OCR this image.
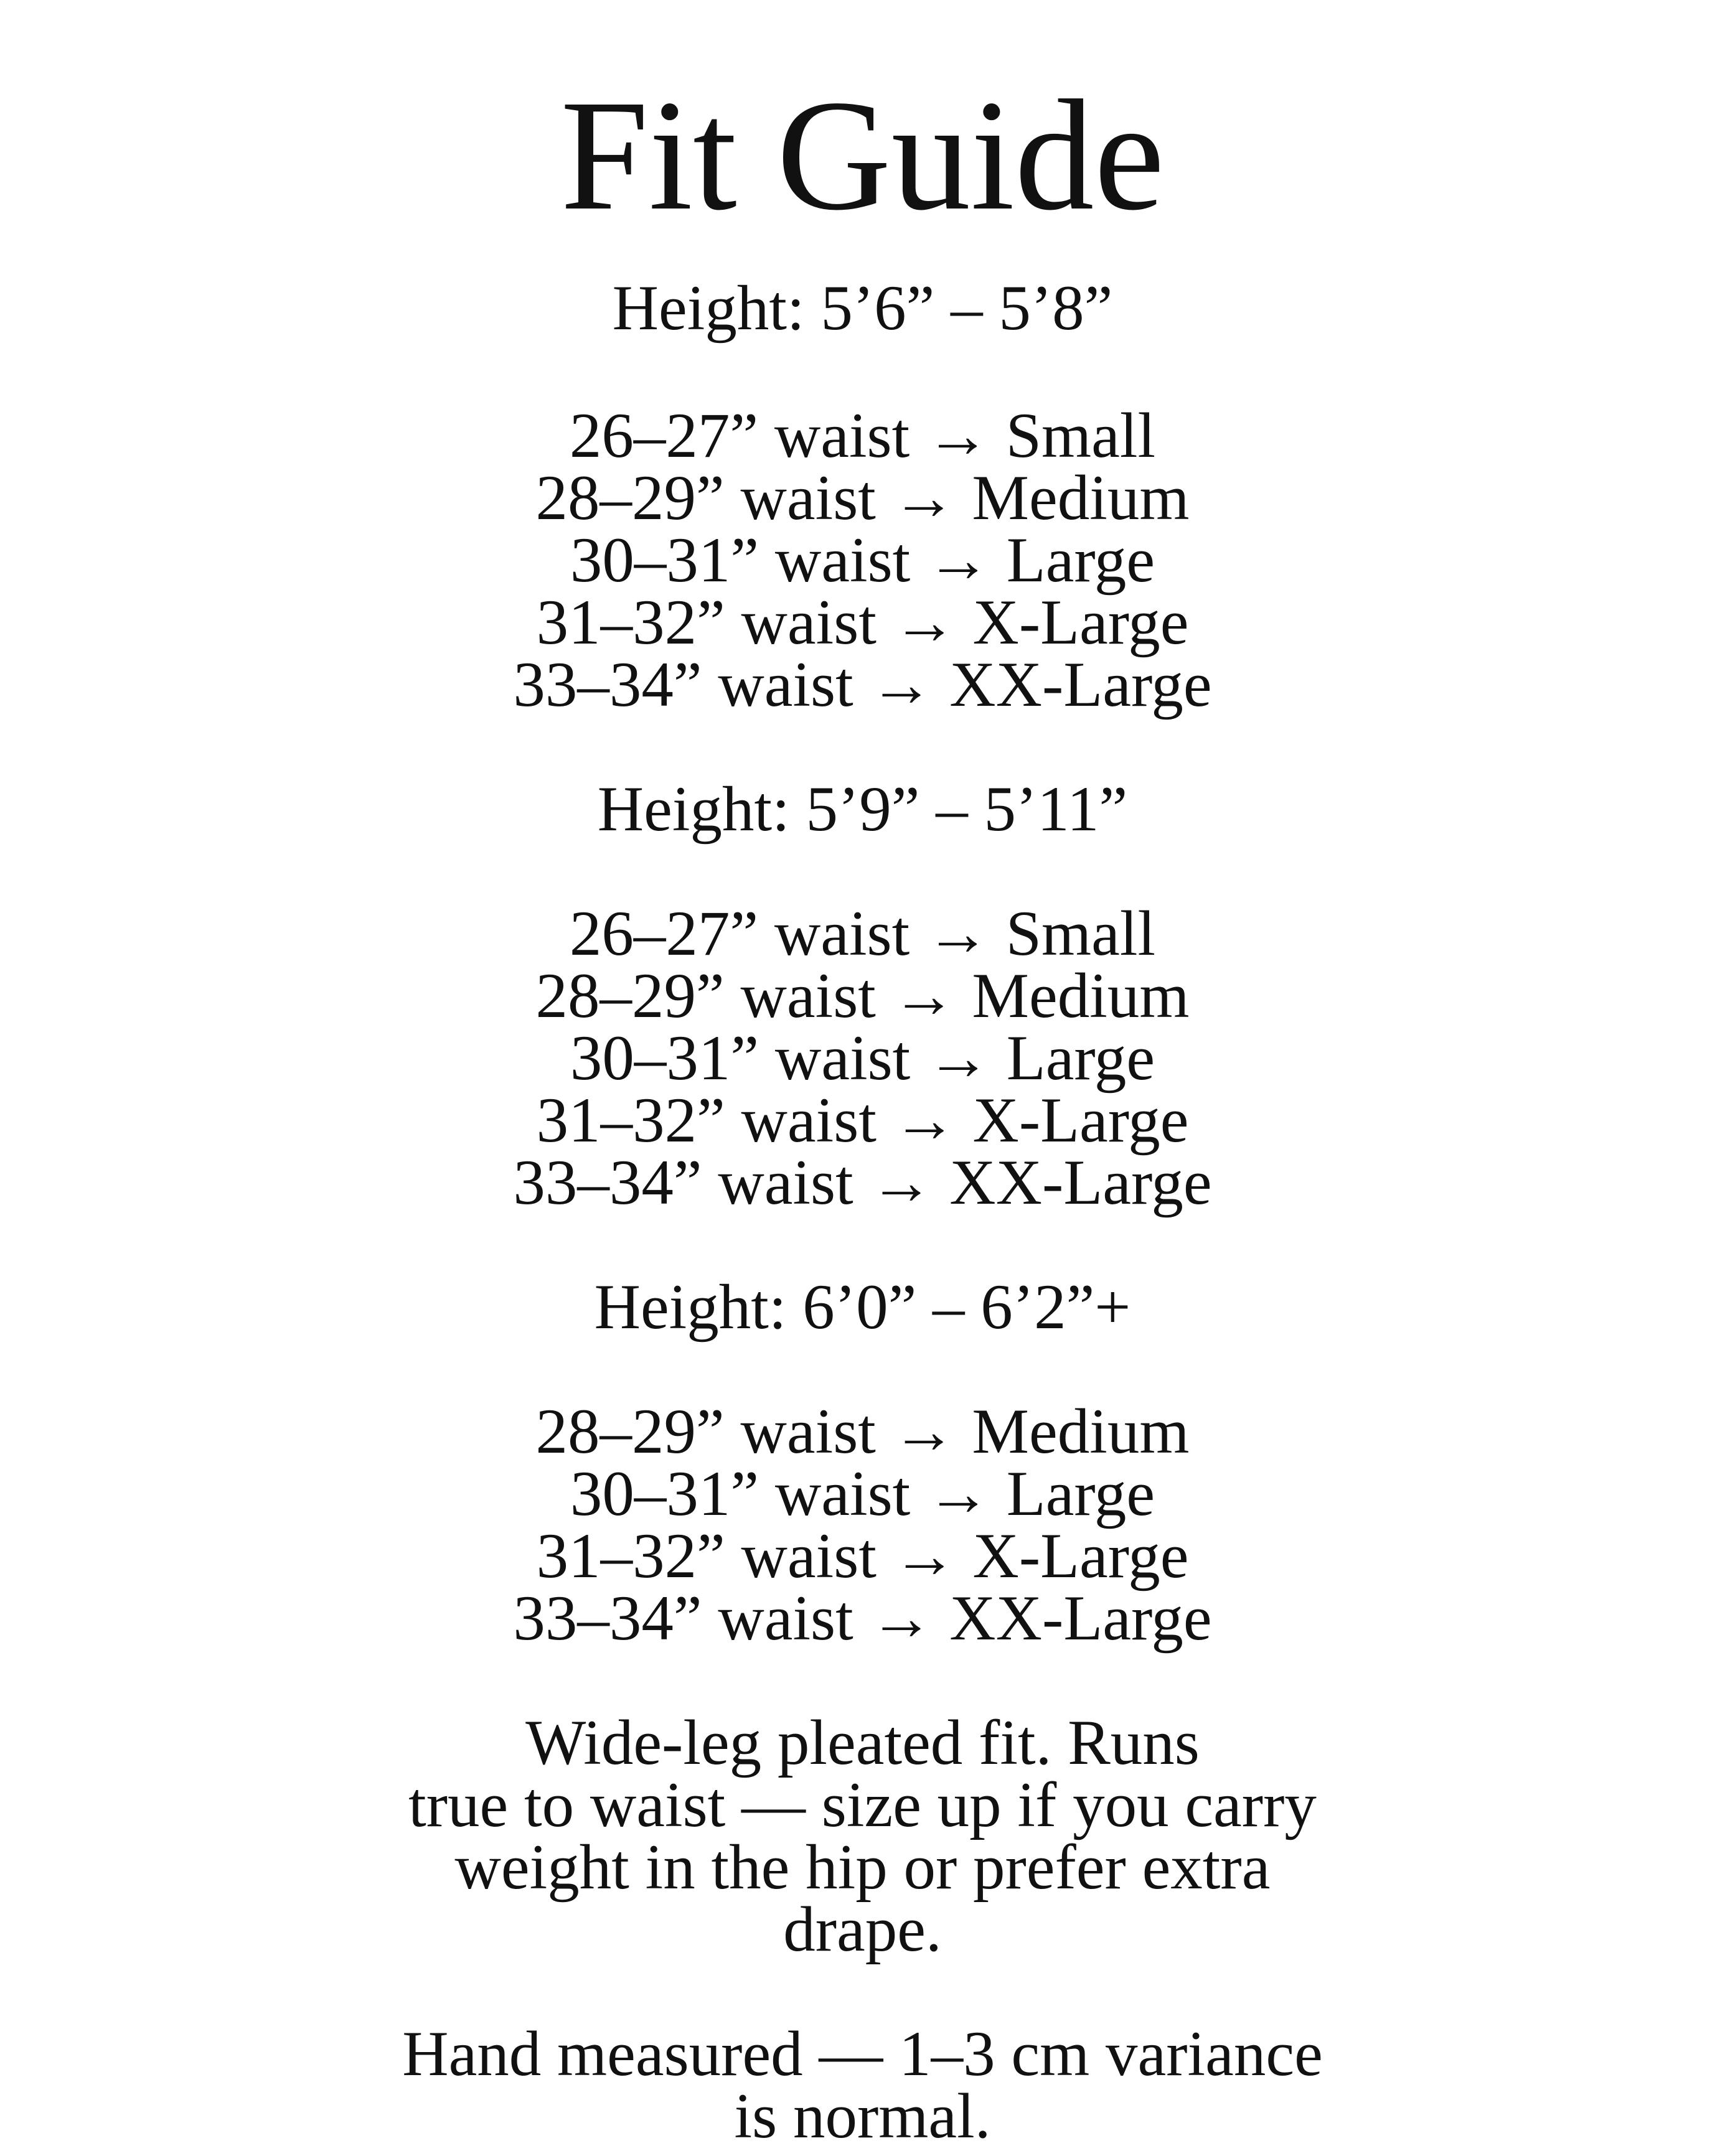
Fit Guide
Height: 5’6” – 5’8”
26–27” waist → Small
28–29” waist → Medium
30–31” waist → Large
31–32” waist → X-Large
33–34” waist → XX-Large
Height: 5’9” – 5’11”
26–27” waist → Small
28–29” waist → Medium
30–31” waist → Large
31–32” waist → X-Large
33–34” waist → XX-Large
Height: 6’0” – 6’2”+
28–29” waist → Medium
30–31” waist → Large
31–32” waist → X-Large
33–34” waist → XX-Large
Wide-leg pleated fit. Runs
true to waist — size up if you carry
weight in the hip or prefer extra
drape.
Hand measured — 1–3 cm variance
is normal.
